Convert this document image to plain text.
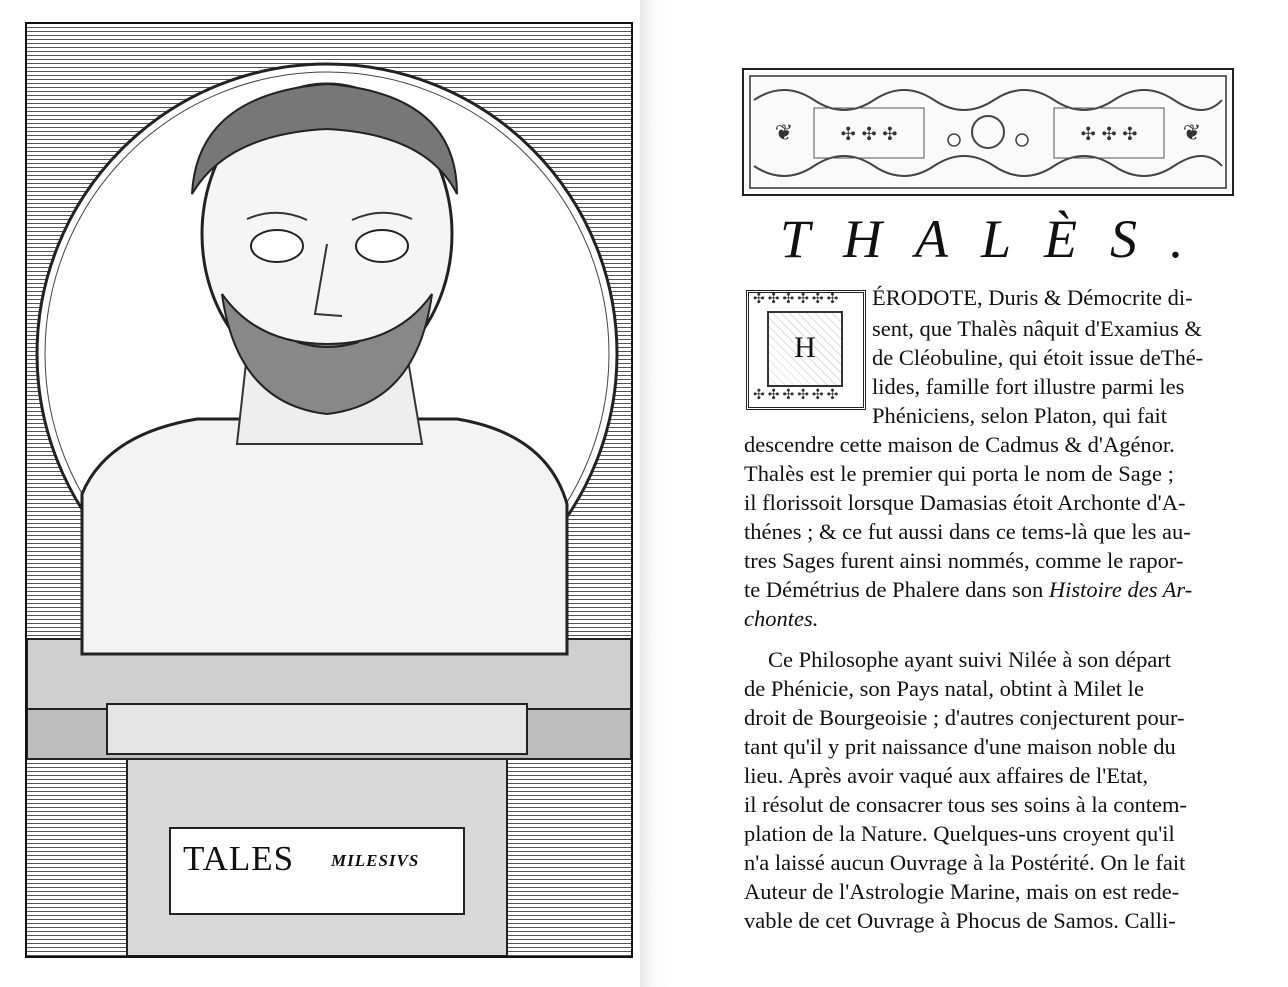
TALES MILESIVS
✣ ✣ ✣	✣ ✣ ✣
❦	❦
THALÈS.
✣✣✣✣✣✣
✣✣✣✣✣✣
H
ÉRODOTE, Duris & Démocrite di-
sent, que Thalès nâquit d'Examius &
de Cléobuline, qui étoit issue deThé-
lides, famille fort illustre parmi les
Phéniciens, selon Platon, qui fait
descendre cette maison de Cadmus & d'Agénor.
Thalès est le premier qui porta le nom de Sage ;
il florissoit lorsque Damasias étoit Archonte d'A-
thénes ; & ce fut aussi dans ce tems-là que les au-
tres Sages furent ainsi nommés, comme le rapor-
te Démétrius de Phalere dans son Histoire des Ar-
chontes.
Ce Philosophe ayant suivi Nilée à son départ
de Phénicie, son Pays natal, obtint à Milet le
droit de Bourgeoisie ; d'autres conjecturent pour-
tant qu'il y prit naissance d'une maison noble du
lieu. Après avoir vaqué aux affaires de l'Etat,
il résolut de consacrer tous ses soins à la contem-
plation de la Nature. Quelques-uns croyent qu'il
n'a laissé aucun Ouvrage à la Postérité. On le fait
Auteur de l'Astrologie Marine, mais on est rede-
vable de cet Ouvrage à Phocus de Samos. Calli-
